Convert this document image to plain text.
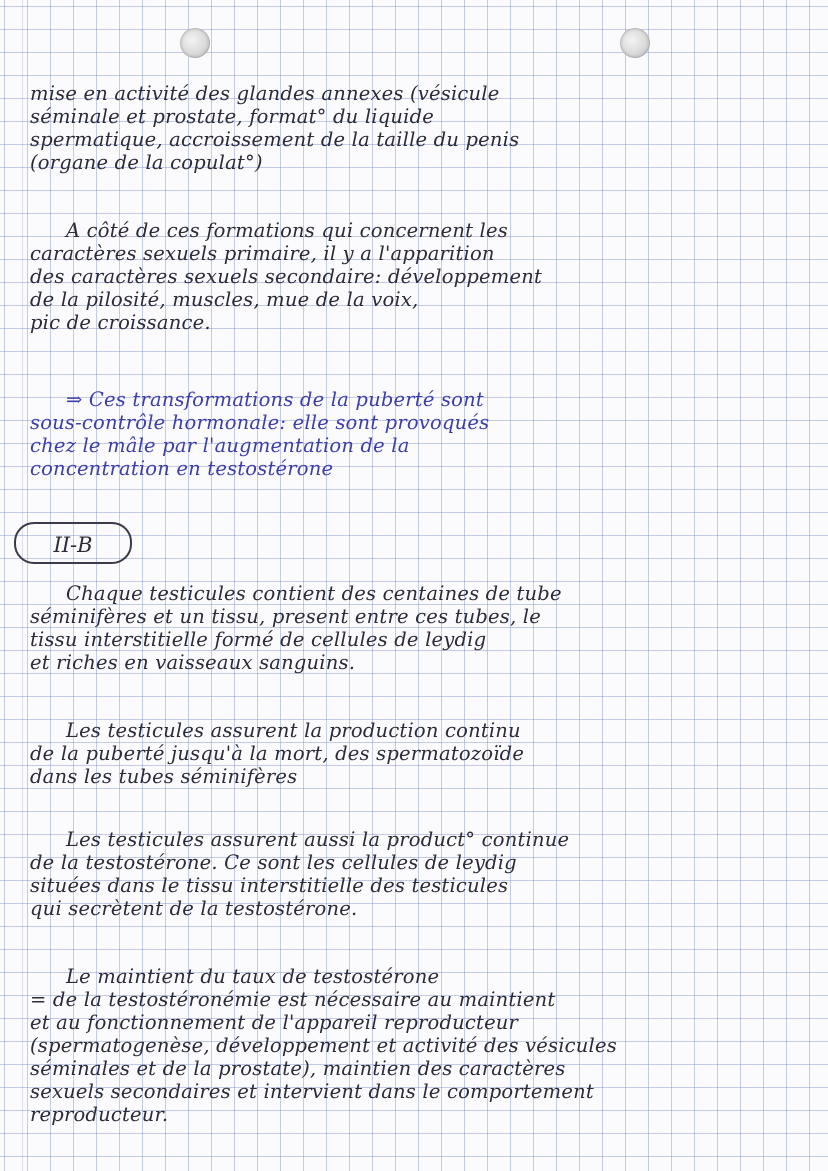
mise en activité des glandes annexes (vésicule
séminale et prostate, format° du liquide
spermatique, accroissement de la taille du penis
(organe de la copulat°)
A côté de ces formations qui concernent les
caractères sexuels primaire, il y a l'apparition
des caractères sexuels secondaire: développement
de la pilosité, muscles, mue de la voix,
pic de croissance.
⇒ Ces transformations de la puberté sont
sous-contrôle hormonale: elle sont provoqués
chez le mâle par l'augmentation de la
concentration en testostérone
II-B
Chaque testicules contient des centaines de tube
séminifères et un tissu, present entre ces tubes, le
tissu interstitielle formé de cellules de leydig
et riches en vaisseaux sanguins.
Les testicules assurent la production continu
de la puberté jusqu'à la mort, des spermatozoïde
dans les tubes séminifères
Les testicules assurent aussi la product° continue
de la testostérone. Ce sont les cellules de leydig
situées dans le tissu interstitielle des testicules
qui secrètent de la testostérone.
Le maintient du taux de testostérone
= de la testostéronémie est nécessaire au maintient
et au fonctionnement de l'appareil reproducteur
(spermatogenèse, développement et activité des vésicules
séminales et de la prostate), maintien des caractères
sexuels secondaires et intervient dans le comportement
reproducteur.
